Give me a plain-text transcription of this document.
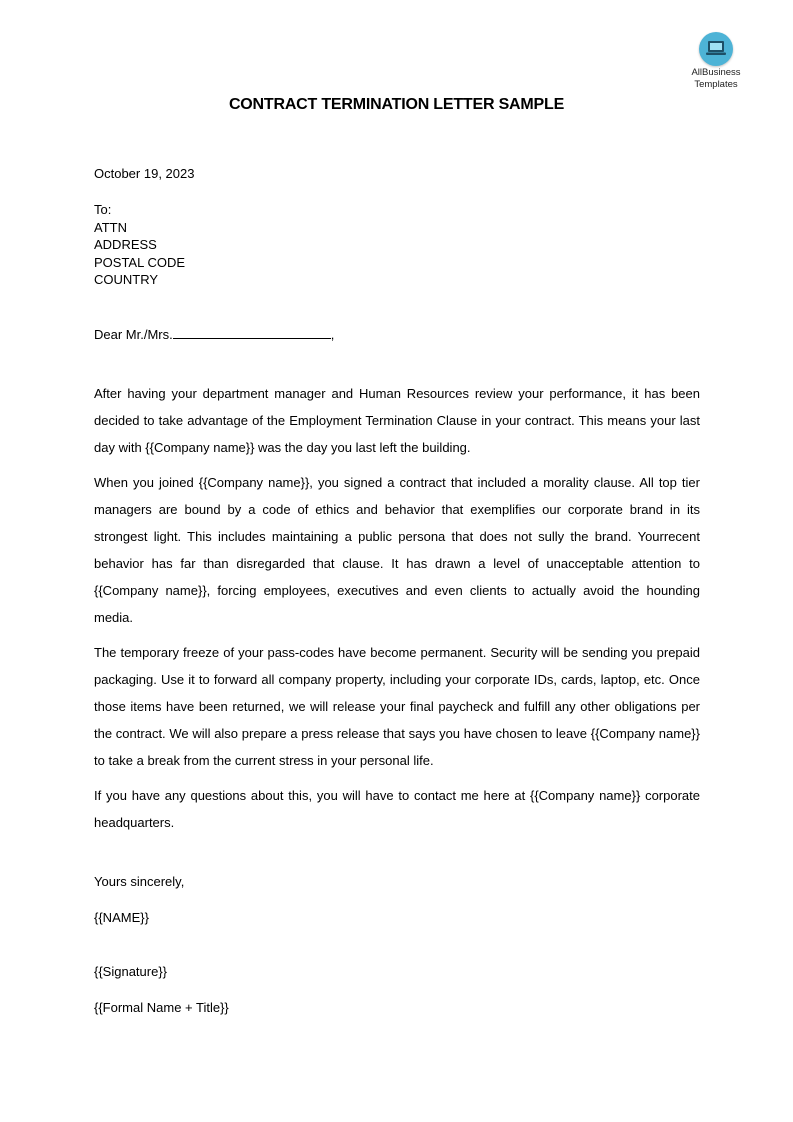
AllBusiness
Templates
CONTRACT TERMINATION LETTER SAMPLE
October 19, 2023
To:
ATTN
ADDRESS
POSTAL CODE
COUNTRY
Dear Mr./Mrs.	,

After having your department manager and Human Resources review your performance, it has been decided to take advantage of the Employment Termination Clause in your contract. This means your last day with {{Company name}} was the day you last left the building.

When you joined {{Company name}}, you signed a contract that included a morality clause. All top tier managers are bound by a code of ethics and behavior that exemplifies our corporate brand in its strongest light. This includes maintaining a public persona that does not sully the brand. Yourrecent behavior has far than disregarded that clause. It has drawn a level of unacceptable attention to {{Company name}}, forcing employees, executives and even clients to actually avoid the hounding media.

The temporary freeze of your pass-codes have become permanent. Security will be sending you prepaid packaging. Use it to forward all company property, including your corporate IDs, cards, laptop, etc. Once those items have been returned, we will release your final paycheck and fulfill any other obligations per the contract. We will also prepare a press release that says you have chosen to leave {{Company name}} to take a break from the current stress in your personal life.

If you have any questions about this, you will have to contact me here at {{Company name}} corporate headquarters.

Yours sincerely,
{{NAME}}
{{Signature}}
{{Formal Name + Title}}
